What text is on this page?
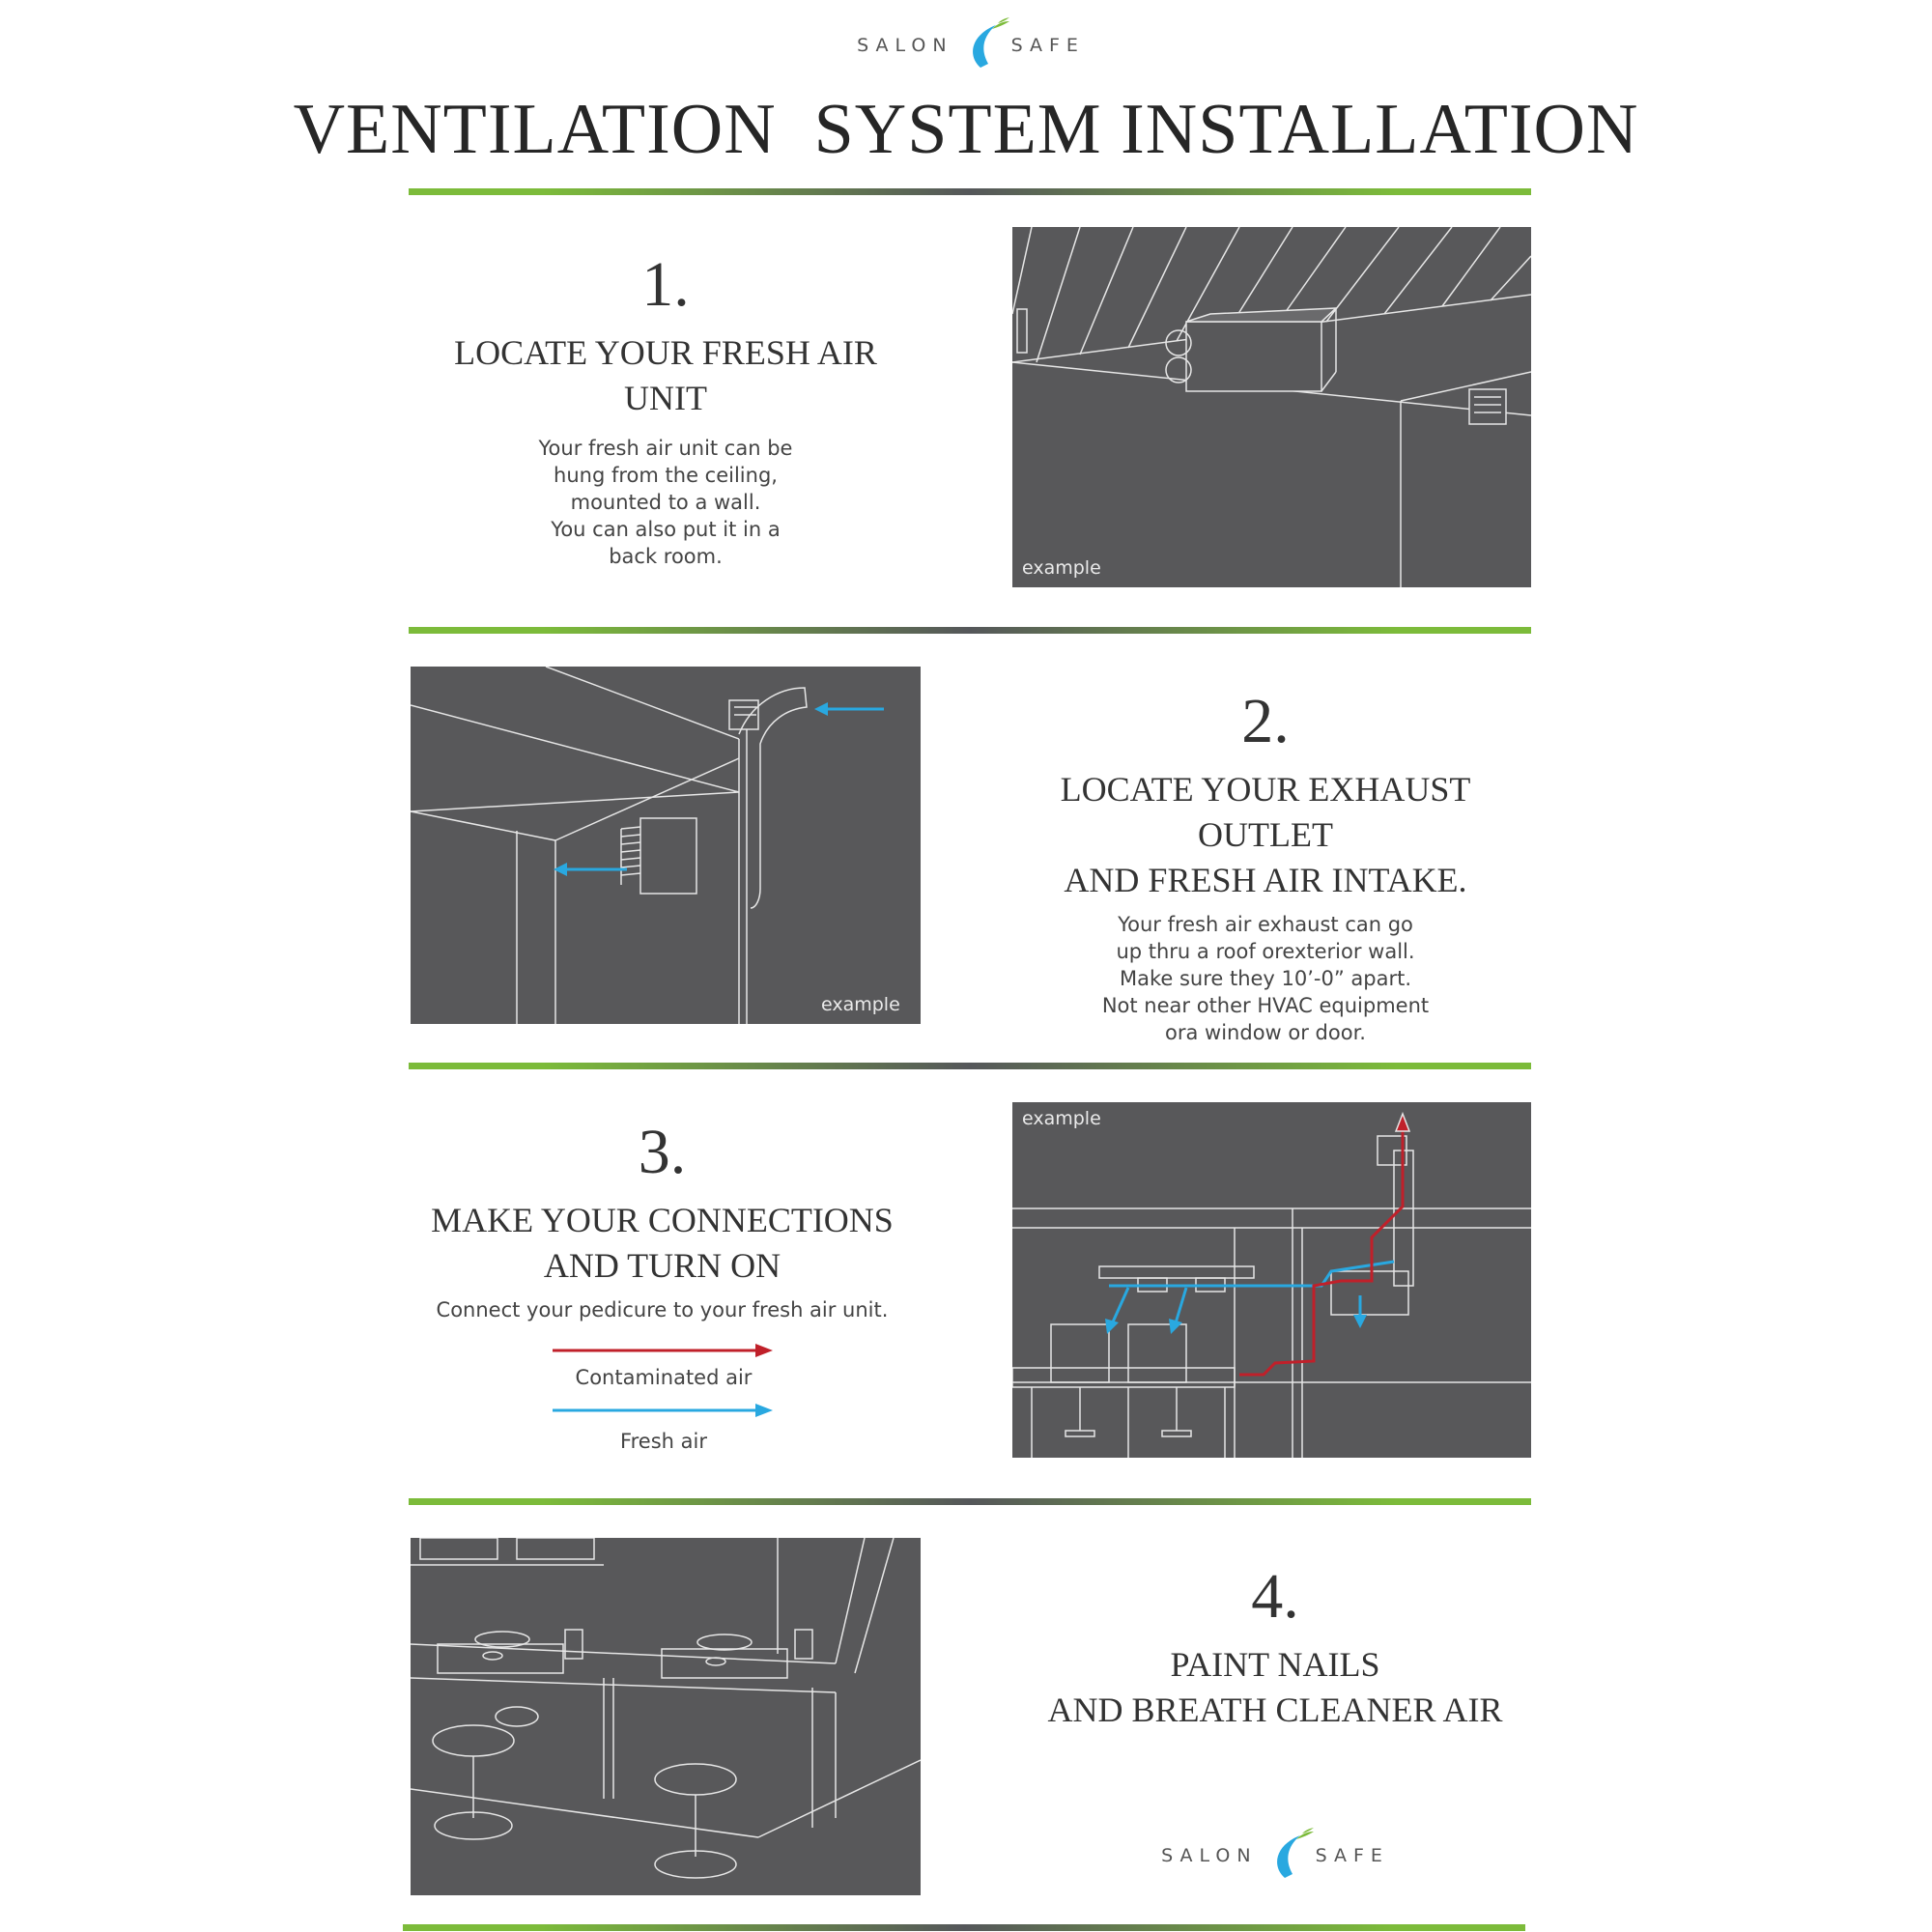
SALON	SAFE
VENTILATION  SYSTEM INSTALLATION
1.
LOCATE YOUR FRESH AIR UNIT
Your fresh air unit can be
hung from the ceiling,
mounted to a wall.
You can also put it in a
back room.	example
example
2.
LOCATE YOUR EXHAUST OUTLET
AND FRESH AIR INTAKE.
Your fresh air exhaust can go
up thru a roof orexterior wall.
Make sure they 10’-0” apart.
Not near other HVAC equipment
ora window or door.
3.
MAKE YOUR CONNECTIONS
AND TURN ON
Connect your pedicure to your fresh air unit.
Contaminated air
Fresh air
example
4.
PAINT NAILS
AND BREATH CLEANER AIR
SALON	SAFE
